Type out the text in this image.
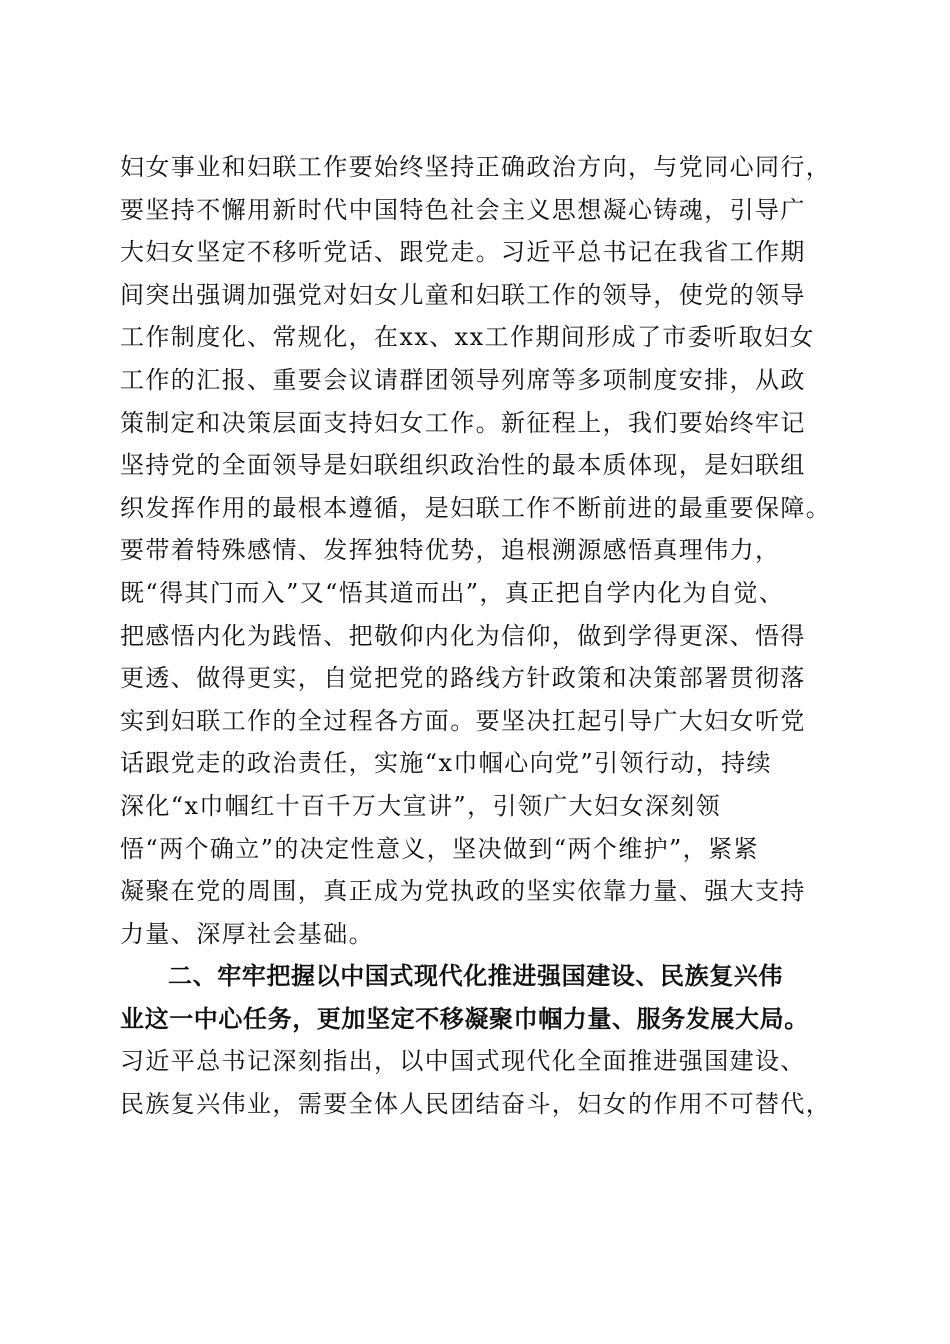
妇女事业和妇联工作要始终坚持正确政治方向，与党同心同行，
要坚持不懈用新时代中国特色社会主义思想凝心铸魂，引导广
大妇女坚定不移听党话、跟党走。习近平总书记在我省工作期
间突出强调加强党对妇女儿童和妇联工作的领导，使党的领导
工作制度化、常规化，在xx、xx工作期间形成了市委听取妇女
工作的汇报、重要会议请群团领导列席等多项制度安排，从政
策制定和决策层面支持妇女工作。新征程上，我们要始终牢记
坚持党的全面领导是妇联组织政治性的最本质体现，是妇联组
织发挥作用的最根本遵循，是妇联工作不断前进的最重要保障。
要带着特殊感情、发挥独特优势，追根溯源感悟真理伟力，
既“得其门而入”又“悟其道而出”，真正把自学内化为自觉、
把感悟内化为践悟、把敬仰内化为信仰，做到学得更深、悟得
更透、做得更实，自觉把党的路线方针政策和决策部署贯彻落
实到妇联工作的全过程各方面。要坚决扛起引导广大妇女听党
话跟党走的政治责任，实施“x巾帼心向党”引领行动，持续
深化“x巾帼红十百千万大宣讲”，引领广大妇女深刻领
悟“两个确立”的决定性意义，坚决做到“两个维护”，紧紧
凝聚在党的周围，真正成为党执政的坚实依靠力量、强大支持
力量、深厚社会基础。
二、牢牢把握以中国式现代化推进强国建设、民族复兴伟
业这一中心任务，更加坚定不移凝聚巾帼力量、服务发展大局。
习近平总书记深刻指出，以中国式现代化全面推进强国建设、
民族复兴伟业，需要全体人民团结奋斗，妇女的作用不可替代，
